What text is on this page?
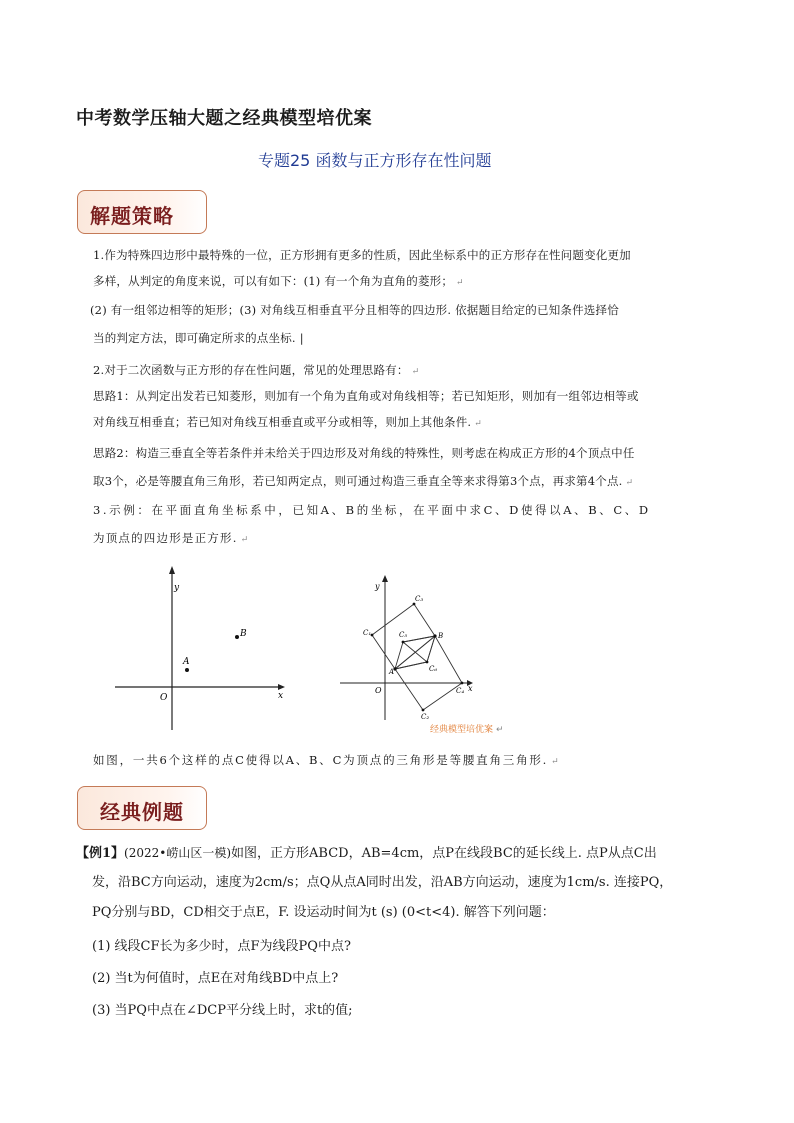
中考数学压轴大题之经典模型培优案
专题25 函数与正方形存在性问题
解题策略
1.作为特殊四边形中最特殊的一位，正方形拥有更多的性质，因此坐标系中的正方形存在性问题变化更加
多样，从判定的角度来说，可以有如下：(1) 有一个角为直角的菱形； ↵
(2) 有一组邻边相等的矩形；(3) 对角线互相垂直平分且相等的四边形. 依据题目给定的已知条件选择恰
当的判定方法，即可确定所求的点坐标. |
2.对于二次函数与正方形的存在性问题，常见的处理思路有： ↵
思路1：从判定出发若已知菱形，则加有一个角为直角或对角线相等；若已知矩形，则加有一组邻边相等或
对角线互相垂直；若已知对角线互相垂直或平分或相等，则加上其他条件. ↵
思路2：构造三垂直全等若条件并未给关于四边形及对角线的特殊性，则考虑在构成正方形的4个顶点中任
取3个，必是等腰直角三角形，若已知两定点，则可通过构造三垂直全等来求得第3个点，再求第4个点. ↵
3.示例：在平面直角坐标系中，已知A、B的坐标，在平面中求C、D使得以A、B、C、D
为顶点的四边形是正方形. ↵
y
x
O
A
B
y
x
O
A
B
C₃
C₁	C₅
C₆
C₄
C₂
经典模型培优案 ↵
如图，一共6个这样的点C使得以A、B、C为顶点的三角形是等腰直角三角形. ↵
经典例题
【例1】(2022•崂山区一模)如图，正方形ABCD，AB=4cm，点P在线段BC的延长线上. 点P从点C出
发，沿BC方向运动，速度为2cm/s；点Q从点A同时出发，沿AB方向运动，速度为1cm/s. 连接PQ，
PQ分别与BD，CD相交于点E，F. 设运动时间为t (s) (0<t<4). 解答下列问题：
(1) 线段CF长为多少时，点F为线段PQ中点?
(2) 当t为何值时，点E在对角线BD中点上?
(3) 当PQ中点在∠DCP平分线上时，求t的值;
